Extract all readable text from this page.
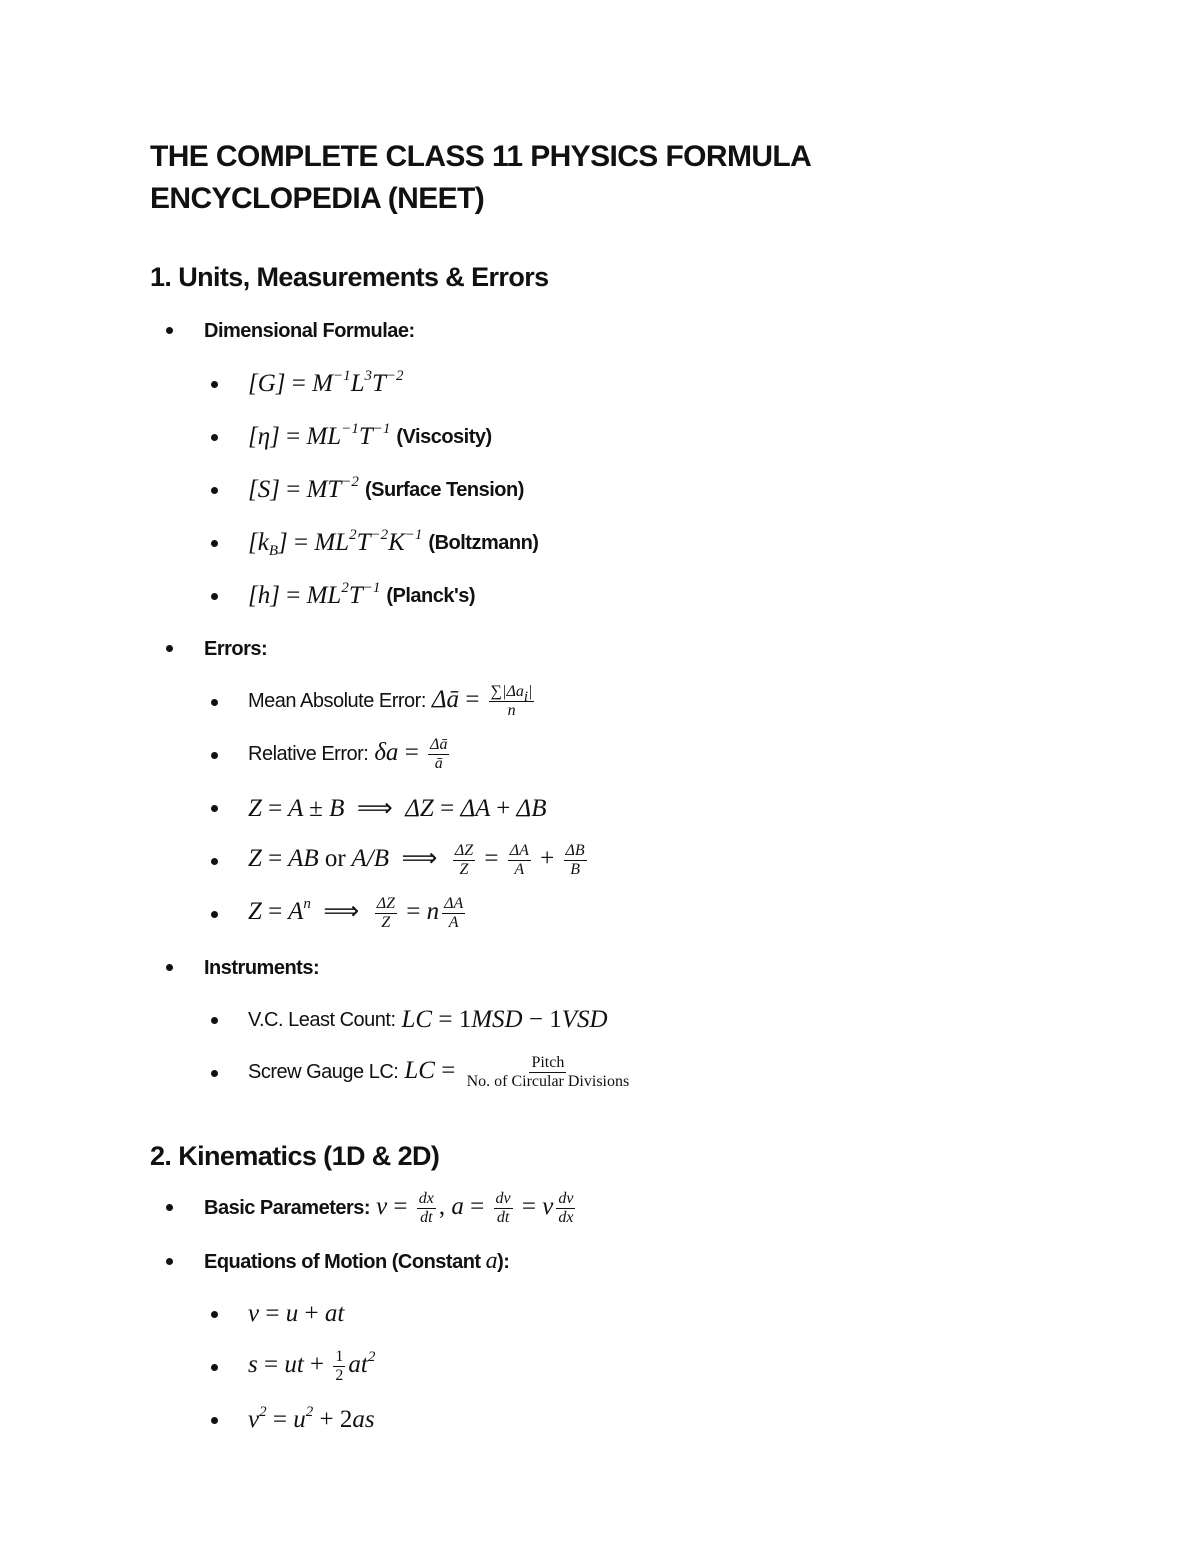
THE COMPLETE CLASS 11 PHYSICS FORMULA
ENCYCLOPEDIA (NEET)
1. Units, Measurements & Errors
Dimensional Formulae:
$[G] = M^{-1}L^3T^{-2}$
$[\eta] = ML^{-1}T^{-1}$ (Viscosity)
$[S] = MT^{-2}$ (Surface Tension)
$[k_B] = ML^2T^{-2}K^{-1}$ (Boltzmann)
$[h] = ML^2T^{-1}$ (Planck's)
Errors:
Mean Absolute Error: Δā = $\sum|\Delta a_i|$
n
Relative Error: $\delta a = \frac{\Delta ā}{ā}$
Z = A ± B  ⟹  ΔZ = ΔA + ΔB
Z = AB or A/B  ⟹ $\frac{\Delta Z}{Z} = \frac{\Delta A}{A} + \frac{\Delta B}{B}$
$Z = A^n$  ⟹ $\frac{\Delta Z}{Z} = n \frac{\Delta A}{A}$
Instruments:
V.C. Least Count: LC = 1MSD − 1VSD
Screw Gauge LC: LC =	Pitch
No. of Circular Divisions
2. Kinematics (1D & 2D)
Basic Parameters: $v = \frac{dx}{dt}$ , $a = \frac{dv}{dt} = v \frac{dv}{dx}$
Equations of Motion (Constant a):
v = u + at
s = ut + $\frac{1}{2} at^2$
$v^2 = u^2 + 2as$
